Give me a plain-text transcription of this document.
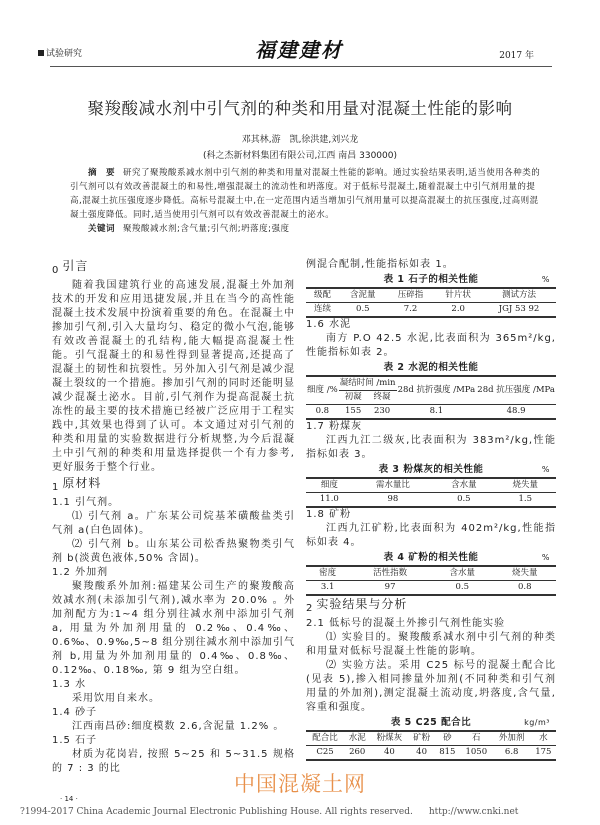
试验研究	福建建材	2017 年
聚羧酸减水剂中引气剂的种类和用量对混凝土性能的影响
邓其林,游　凯,徐洪建,刘兴龙
(科之杰新材料集团有限公司,江西 南昌 330000)
摘　要 研究了聚羧酸系减水剂中引气剂的种类和用量对混凝土性能的影响。通过实验结果表明,适当使用各种类的引气剂可以有效改善混凝土的和易性,增强混凝土的流动性和坍落度。对于低标号混凝土,随着混凝土中引气剂用量的提高,混凝土抗压强度逐步降低。高标号混凝土中,在一定范围内适当增加引气剂用量可以提高混凝土的抗压强度,过高则混凝土强度降低。同时,适当使用引气剂可以有效改善混凝土的泌水。
关键词 聚羧酸减水剂;含气量;引气剂;坍落度;强度
$_0$ 引言

随着我国建筑行业的高速发展,混凝土外加剂技术的开发和应用迅捷发展,并且在当今的高性能混凝土技术发展中扮演着重要的角色。在混凝土中掺加引气剂,引入大量均匀、稳定的微小气泡,能够有效改善混凝土的孔结构,能大幅提高混凝土性能。引气混凝土的和易性得到显著提高,还提高了混凝土的韧性和抗裂性。另外加入引气剂是减少混凝土裂纹的一个措施。掺加引气剂的同时还能明显减少混凝土泌水。目前,引气剂作为提高混凝土抗冻性的最主要的技术措施已经被广泛应用于工程实践中,其效果也得到了认可。本文通过对引气剂的种类和用量的实验数据进行分析规整,为今后混凝土中引气剂的种类和用量选择提供一个有力参考,更好服务于整个行业。

$_1$ 原材料
1.1 引气剂。

⑴ 引气剂 a。广东某公司烷基苯磺酸盐类引气剂 a(白色固体)。

⑵ 引气剂 b。山东某公司松香热聚物类引气剂 b(淡黄色液体,50% 含固)。

1.2 外加剂

聚羧酸系外加剂:福建某公司生产的聚羧酸高效减水剂(未添加引气剂),减水率为 20.0% 。外加剂配方为:1~4 组分别往减水剂中添加引气剂 a, 用量为外加剂用量的 0.2‰、0.4‰、0.6‰、0.9‰,5~8 组分别往减水剂中添加引气剂 b,用量为外加剂用量的 0.4‰、0.8‰、0.12‰、0.18‰, 第 9 组为空白组。

1.3 水

采用饮用自来水。

1.4 砂子

江西南昌砂:细度模数 2.6,含泥量 1.2% 。

1.5 石子

材质为花岗岩, 按照 5~25 和 5~31.5 规格的 7 : 3 的比

例混合配制,性能指标如表 1。

表 1 石子的相关性能	%
级配	含泥量	压碎指	针片状	测试方法
连续	0.5	7.2	2.0	JGJ 53 92
1.6 水泥

南方 P.O 42.5 水泥,比表面积为 365m²/kg,性能指标如表 2。

表 2 水泥的相关性能
细度 /%	凝结时间 /min		28d 抗折强度 /MPa	28d 抗压强度 /MPa
	初凝	终凝		
0.8	155	230	8.1	48.9
1.7 粉煤灰

江西九江二级灰,比表面积为 383m²/kg,性能指标如表 3。

表 3 粉煤灰的相关性能	%
细度	需水量比	含水量	烧失量
11.0	98	0.5	1.5
1.8 矿粉

江西九江矿粉,比表面积为 402m²/kg,性能指标如表 4。

表 4 矿粉的相关性能	%
密度	活性指数	含水量	烧失量
3.1	97	0.5	0.8
$_2$ 实验结果与分析
2.1 低标号的混凝土外掺引气剂性能实验

⑴ 实验目的。聚羧酸系减水剂中引气剂的种类和用量对低标号混凝土性能的影响。

⑵ 实验方法。采用 C25 标号的混凝土配合比(见表 5),掺入相同掺量外加剂(不同种类和引气剂用量的外加剂),测定混凝土流动度,坍落度,含气量,容重和强度。

表 5 C25 配合比	kg/m³
配合比	水泥	粉煤灰	矿粉	砂	石	外加剂	水
C25	260	40	40	815	1050	6.8	175
中国混凝土网
· 14 ·
?1994-2017 China Academic Journal Electronic Publishing House. All rights reserved. http://www.cnki.net
